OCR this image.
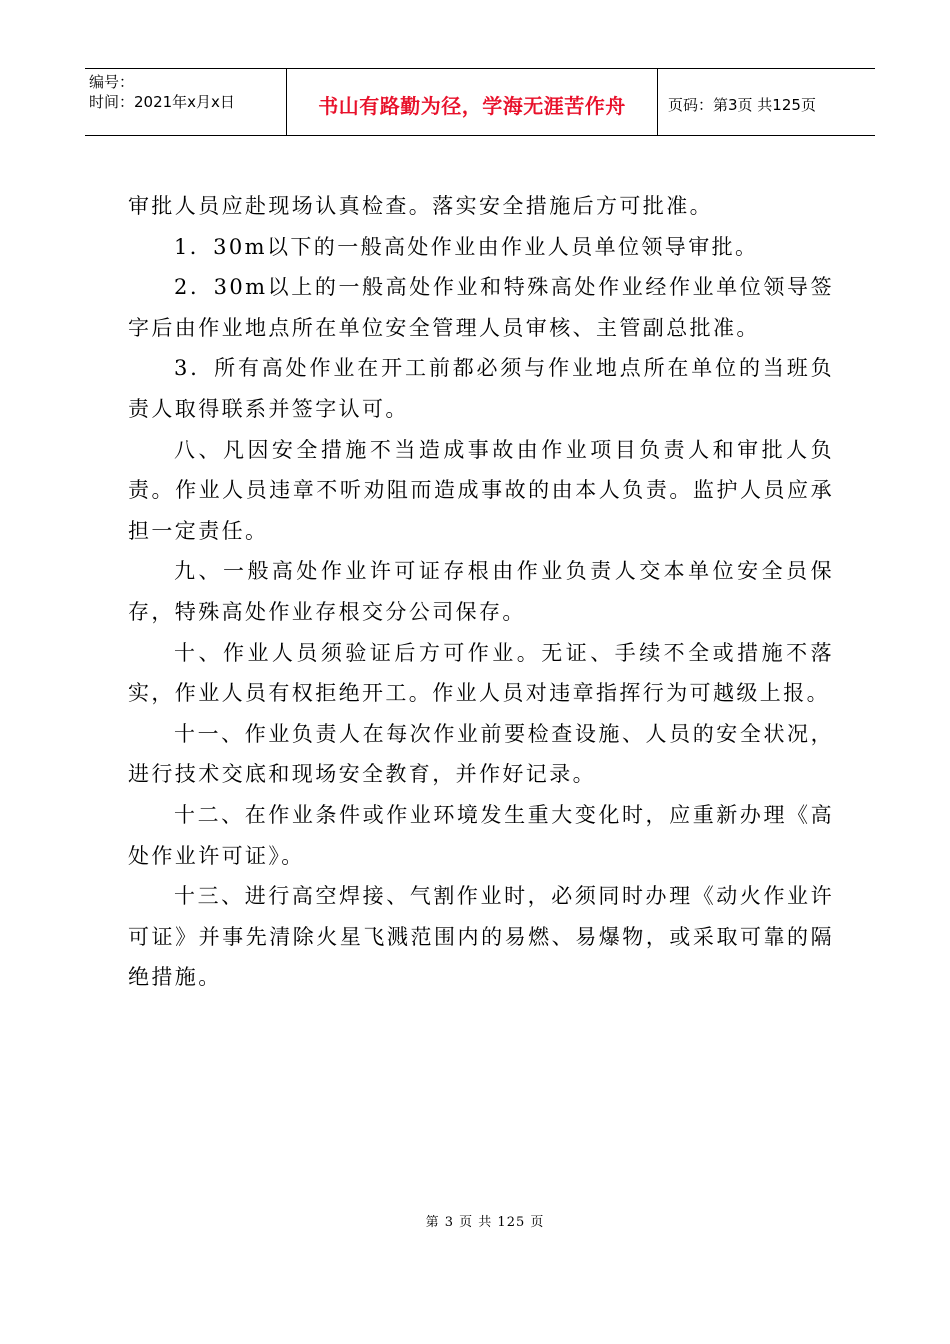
编号：
时间：2021年x月x日	书山有路勤为径，学海无涯苦作舟	页码：第3页 共125页

审批人员应赴现场认真检查。落实安全措施后方可批准。

1．30m以下的一般高处作业由作业人员单位领导审批。

2．30m以上的一般高处作业和特殊高处作业经作业单位领导签字后由作业地点所在单位安全管理人员审核、主管副总批准。

3．所有高处作业在开工前都必须与作业地点所在单位的当班负责人取得联系并签字认可。

八、凡因安全措施不当造成事故由作业项目负责人和审批人负责。作业人员违章不听劝阻而造成事故的由本人负责。监护人员应承担一定责任。

九、一般高处作业许可证存根由作业负责人交本单位安全员保存，特殊高处作业存根交分公司保存。

十、作业人员须验证后方可作业。无证、手续不全或措施不落实，作业人员有权拒绝开工。作业人员对违章指挥行为可越级上报。

十一、作业负责人在每次作业前要检查设施、人员的安全状况，进行技术交底和现场安全教育，并作好记录。

十二、在作业条件或作业环境发生重大变化时，应重新办理《高处作业许可证》。

十三、进行高空焊接、气割作业时，必须同时办理《动火作业许可证》并事先清除火星飞溅范围内的易燃、易爆物，或采取可靠的隔绝措施。

第 3 页 共 125 页
